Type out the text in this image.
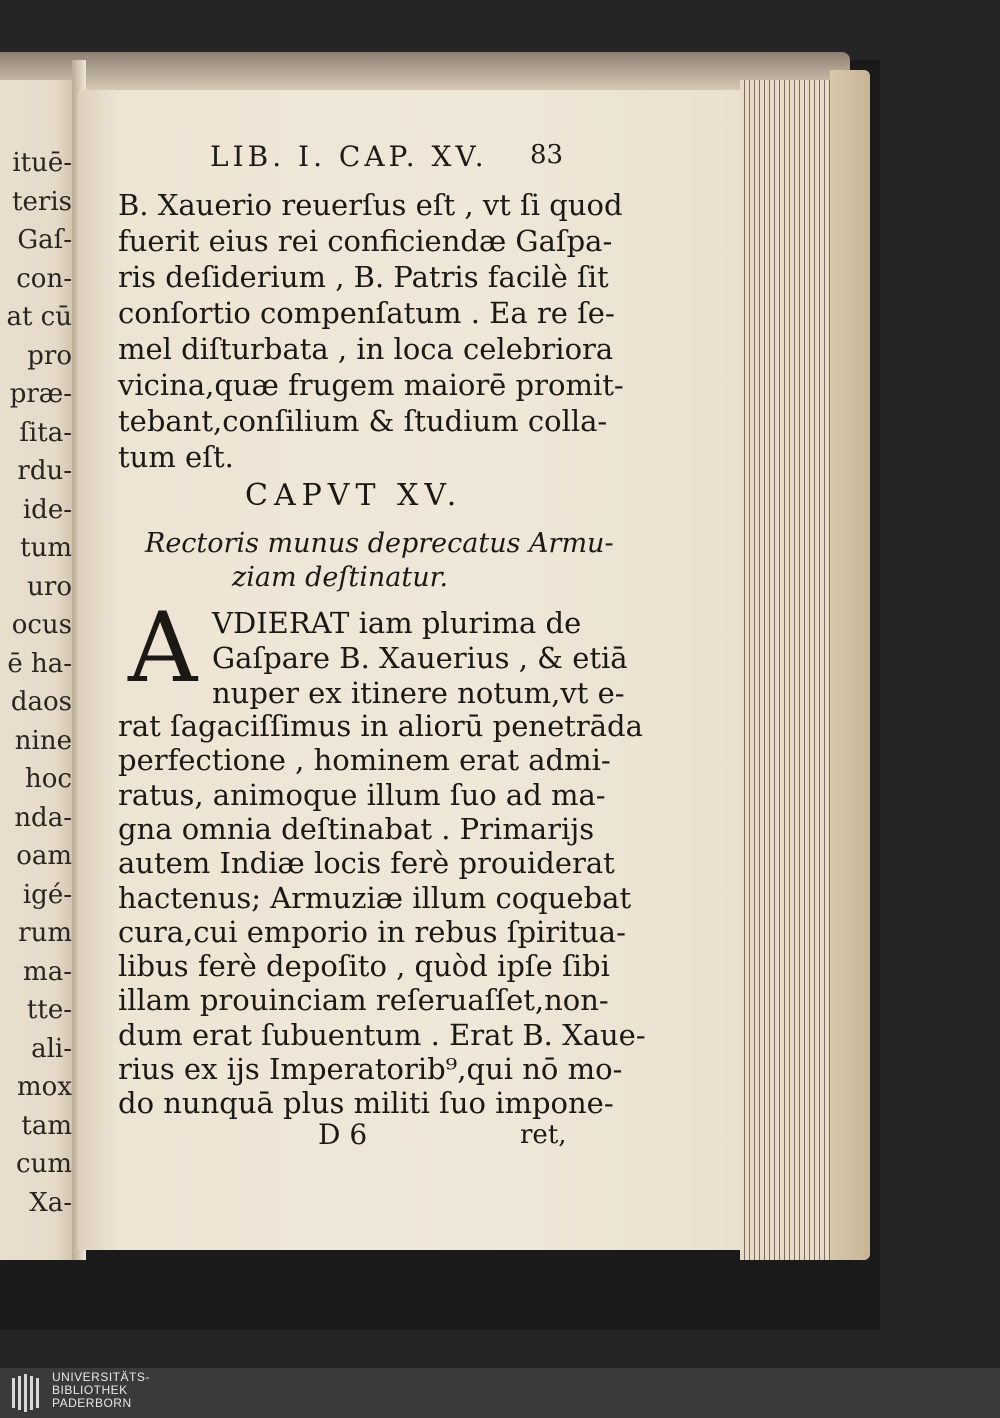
ituē-
teris
Gaſ-
con-
at cū
pro
præ-
ſita-
rdu-
ide-
tum
uro
ocus
ē ha-
daos
nine
hoc
nda-
oam
igé-
rum
ma-
tte-
ali-
mox
tam
cum
Xa-
LIB. I. CAP. XV. 83
B. Xauerio reuerſus eſt , vt ſi quod
fuerit eius rei conficiendæ Gaſpa-
ris deſiderium , B. Patris facilè ſit
conſortio compenſatum . Ea re ſe-
mel diſturbata , in loca celebriora
vicina,quæ frugem maiorē promit-
tebant,conſilium & ſtudium colla-
tum eſt.
CAPVT XV.
Rectoris munus deprecatus Armu-
ziam deſtinatur.
A VDIERAT iam plurima de
Gaſpare B. Xauerius , & etiā
nuper ex itinere notum,vt e-
rat ſagaciſſimus in aliorū penetrāda
perfectione , hominem erat admi-
ratus, animoque illum ſuo ad ma-
gna omnia deſtinabat . Primarijs
autem Indiæ locis ferè prouiderat
hactenus; Armuziæ illum coquebat
cura,cui emporio in rebus ſpiritua-
libus ferè depoſito , quòd ipſe ſibi
illam prouinciam reſeruaſſet,non-
dum erat ſubuentum . Erat B. Xaue-
rius ex ijs Imperatorib⁹,qui nō mo-
do nunquā plus militi ſuo impone-
D 6	ret,
UNIVERSITÄTS-
BIBLIOTHEK
PADERBORN
